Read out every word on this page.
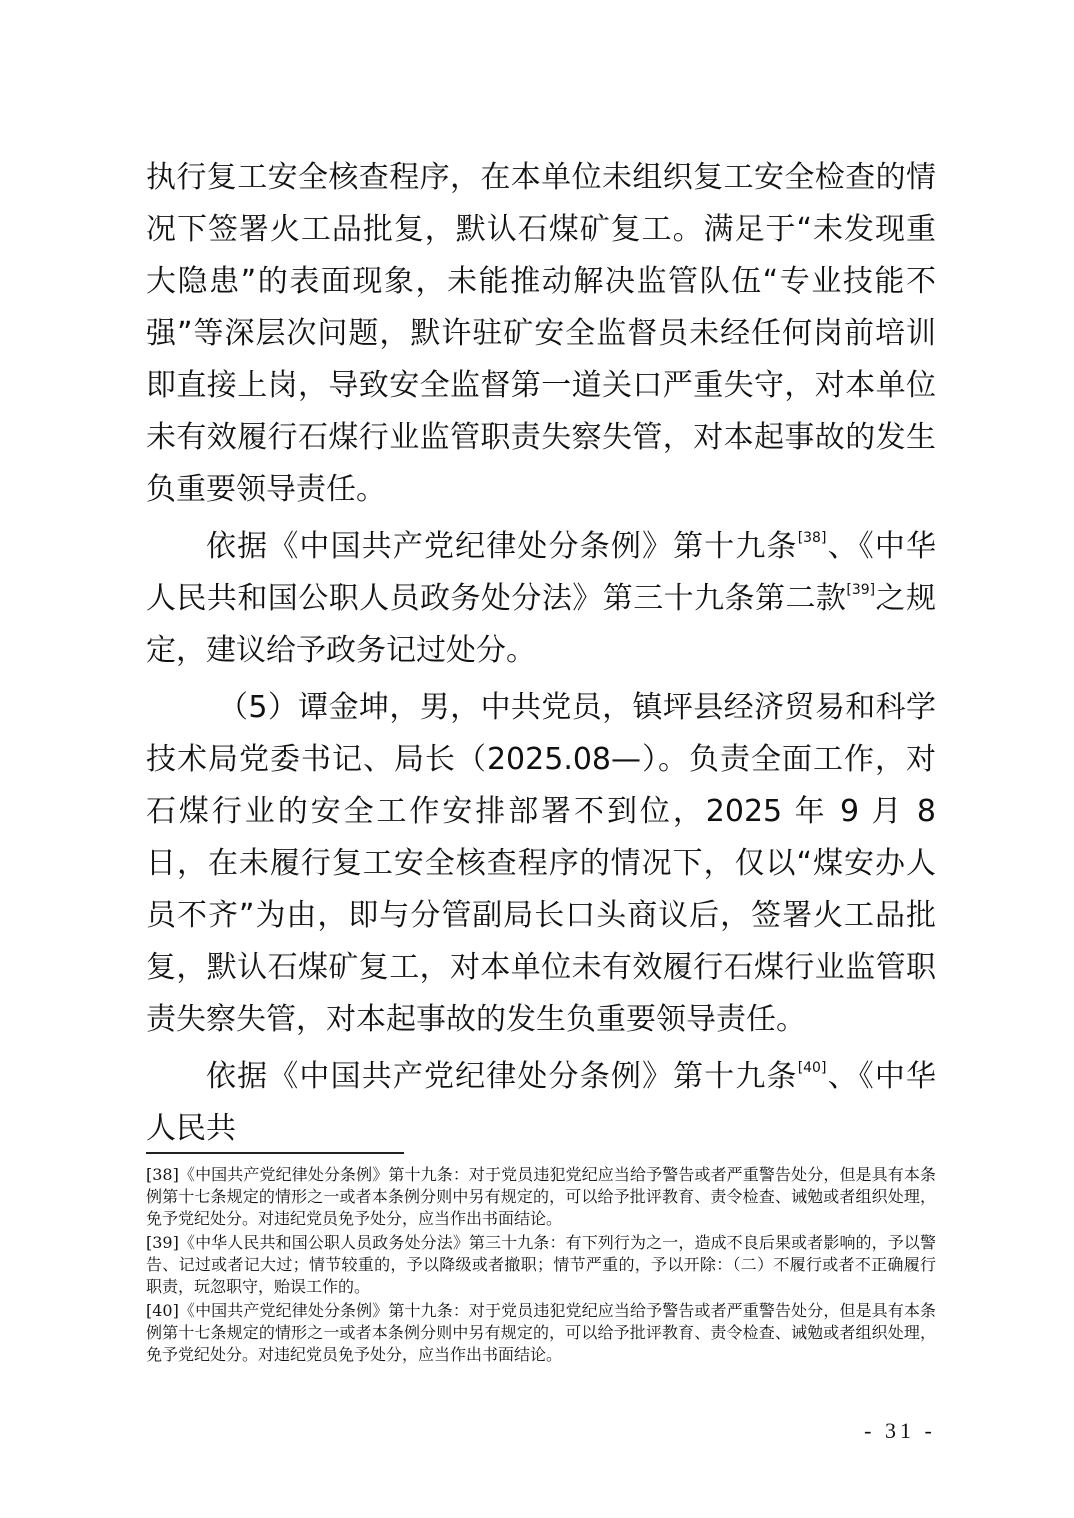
执行复工安全核查程序，在本单位未组织复工安全检查的情况下签署火工品批复，默认石煤矿复工。满足于“未发现重大隐患”的表面现象，未能推动解决监管队伍“专业技能不强”等深层次问题，默许驻矿安全监督员未经任何岗前培训即直接上岗，导致安全监督第一道关口严重失守，对本单位未有效履行石煤行业监管职责失察失管，对本起事故的发生负重要领导责任。

依据《中国共产党纪律处分条例》第十九条[38]、《中华人民共和国公职人员政务处分法》第三十九条第二款[39]之规定，建议给予政务记过处分。

（5）谭金坤，男，中共党员，镇坪县经济贸易和科学技术局党委书记、局长（2025.08—）。负责全面工作，对石煤行业的安全工作安排部署不到位，2025 年 9 月 8 日，在未履行复工安全核查程序的情况下，仅以“煤安办人员不齐”为由，即与分管副局长口头商议后，签署火工品批复，默认石煤矿复工，对本单位未有效履行石煤行业监管职责失察失管，对本起事故的发生负重要领导责任。

依据《中国共产党纪律处分条例》第十九条[40]、《中华人民共

[38]《中国共产党纪律处分条例》第十九条：对于党员违犯党纪应当给予警告或者严重警告处分，但是具有本条例第十七条规定的情形之一或者本条例分则中另有规定的，可以给予批评教育、责令检查、诫勉或者组织处理，免予党纪处分。对违纪党员免予处分，应当作出书面结论。

[39]《中华人民共和国公职人员政务处分法》第三十九条：有下列行为之一，造成不良后果或者影响的，予以警告、记过或者记大过；情节较重的，予以降级或者撤职；情节严重的，予以开除：（二）不履行或者不正确履行职责，玩忽职守，贻误工作的。

[40]《中国共产党纪律处分条例》第十九条：对于党员违犯党纪应当给予警告或者严重警告处分，但是具有本条例第十七条规定的情形之一或者本条例分则中另有规定的，可以给予批评教育、责令检查、诫勉或者组织处理，免予党纪处分。对违纪党员免予处分，应当作出书面结论。

- 31 -
